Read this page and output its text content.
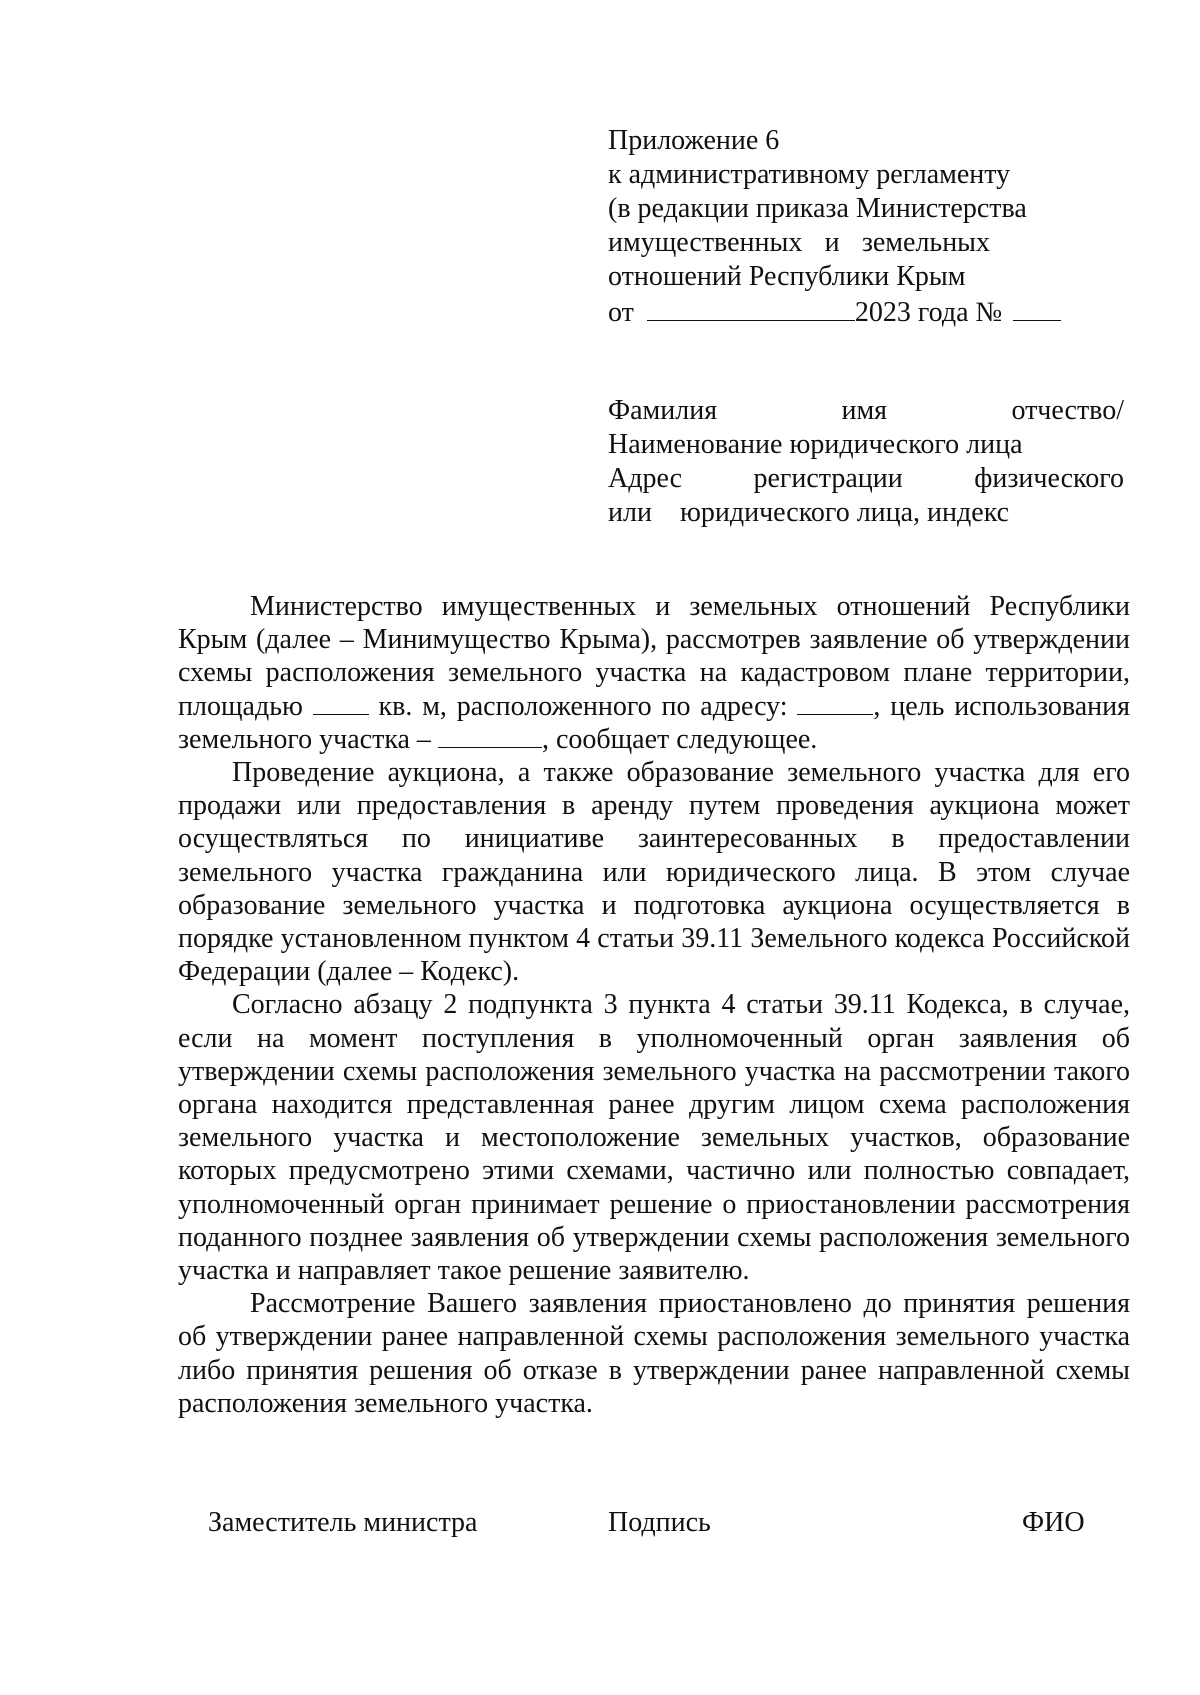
Приложение 6
к административному регламенту
(в редакции приказа Министерства
имущественных и земельных
отношений Республики Крым
от	2023 года №
Фамилия	имя	отчество/
Наименование юридического лица
Адрес	регистрации	физического
или юридического лица, индекс

Министерство имущественных и земельных отношений Республики Крым (далее – Минимущество Крыма), рассмотрев заявление об утверждении схемы расположения земельного участка на кадастровом плане территории, площадью	кв. м, расположенного по адресу:	, цель использования земельного участка –	, сообщает следующее.

Проведение аукциона, а также образование земельного участка для его продажи или предоставления в аренду путем проведения аукциона может осуществляться по инициативе заинтересованных в предоставлении земельного участка гражданина или юридического лица. В этом случае образование земельного участка и подготовка аукциона осуществляется в порядке установленном пунктом 4 статьи 39.11 Земельного кодекса Российской Федерации (далее – Кодекс).

Согласно абзацу 2 подпункта 3 пункта 4 статьи 39.11 Кодекса, в случае, если на момент поступления в уполномоченный орган заявления об утверждении схемы расположения земельного участка на рассмотрении такого органа находится представленная ранее другим лицом схема расположения земельного участка и местоположение земельных участков, образование которых предусмотрено этими схемами, частично или полностью совпадает, уполномоченный орган принимает решение о приостановлении рассмотрения поданного позднее заявления об утверждении схемы расположения земельного участка и направляет такое решение заявителю.

Рассмотрение Вашего заявления приостановлено до принятия решения об утверждении ранее направленной схемы расположения земельного участка либо принятия решения об отказе в утверждении ранее направленной схемы расположения земельного участка.

Заместитель министра	Подпись	ФИО
